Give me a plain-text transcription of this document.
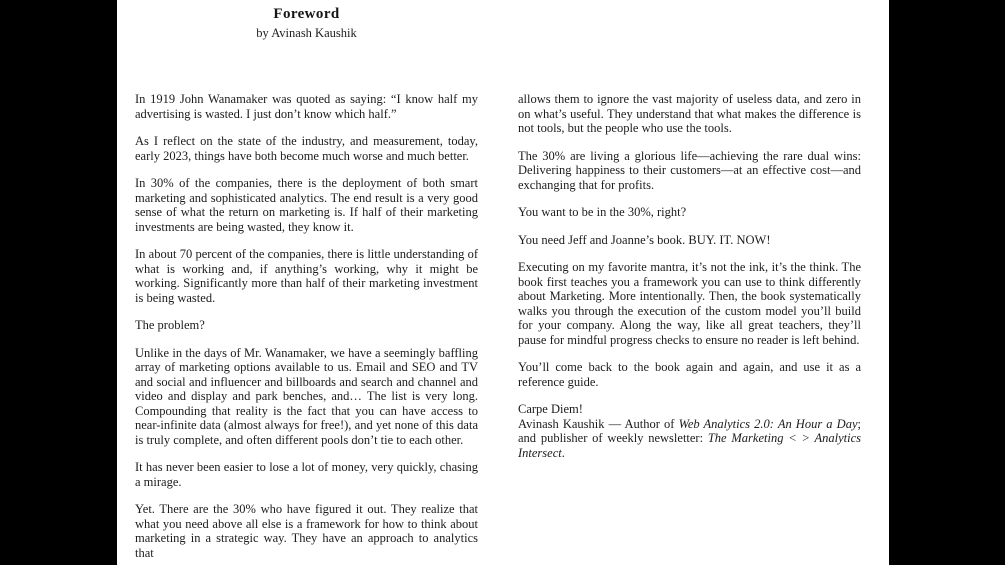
Foreword
by Avinash Kaushik

In 1919 John Wanamaker was quoted as saying: “I know half my advertising is wasted. I just don’t know which half.”

As I reflect on the state of the industry, and measurement, today, early 2023, things have both become much worse and much better.

In 30% of the companies, there is the deployment of both smart marketing and sophisticated analytics. The end result is a very good sense of what the return on marketing is. If half of their marketing investments are being wasted, they know it.

In about 70 percent of the companies, there is little understanding of what is working and, if anything’s working, why it might be working. Significantly more than half of their marketing investment is being wasted.

The problem?

Unlike in the days of Mr. Wanamaker, we have a seemingly baffling array of marketing options available to us. Email and SEO and TV and social and influencer and billboards and search and channel and video and display and park benches, and… The list is very long. Compounding that reality is the fact that you can have access to near-infinite data (almost always for free!), and yet none of this data is truly complete, and often different pools don’t tie to each other.

It has never been easier to lose a lot of money, very quickly, chasing a mirage.

Yet. There are the 30% who have figured it out. They realize that what you need above all else is a framework for how to think about marketing in a strategic way. They have an approach to analytics that

allows them to ignore the vast majority of useless data, and zero in on what’s useful. They understand that what makes the difference is not tools, but the people who use the tools.

The 30% are living a glorious life—achieving the rare dual wins: Delivering happiness to their customers—at an effective cost—and exchanging that for profits.

You want to be in the 30%, right?

You need Jeff and Joanne’s book. BUY. IT. NOW!

Executing on my favorite mantra, it’s not the ink, it’s the think. The book first teaches you a framework you can use to think differently about Marketing. More intentionally. Then, the book systematically walks you through the execution of the custom model you’ll build for your company. Along the way, like all great teachers, they’ll pause for mindful progress checks to ensure no reader is left behind.

You’ll come back to the book again and again, and use it as a reference guide.

Carpe Diem!
Avinash Kaushik — Author of Web Analytics 2.0: An Hour a Day; and publisher of weekly newsletter: The Marketing < > Analytics Intersect.
